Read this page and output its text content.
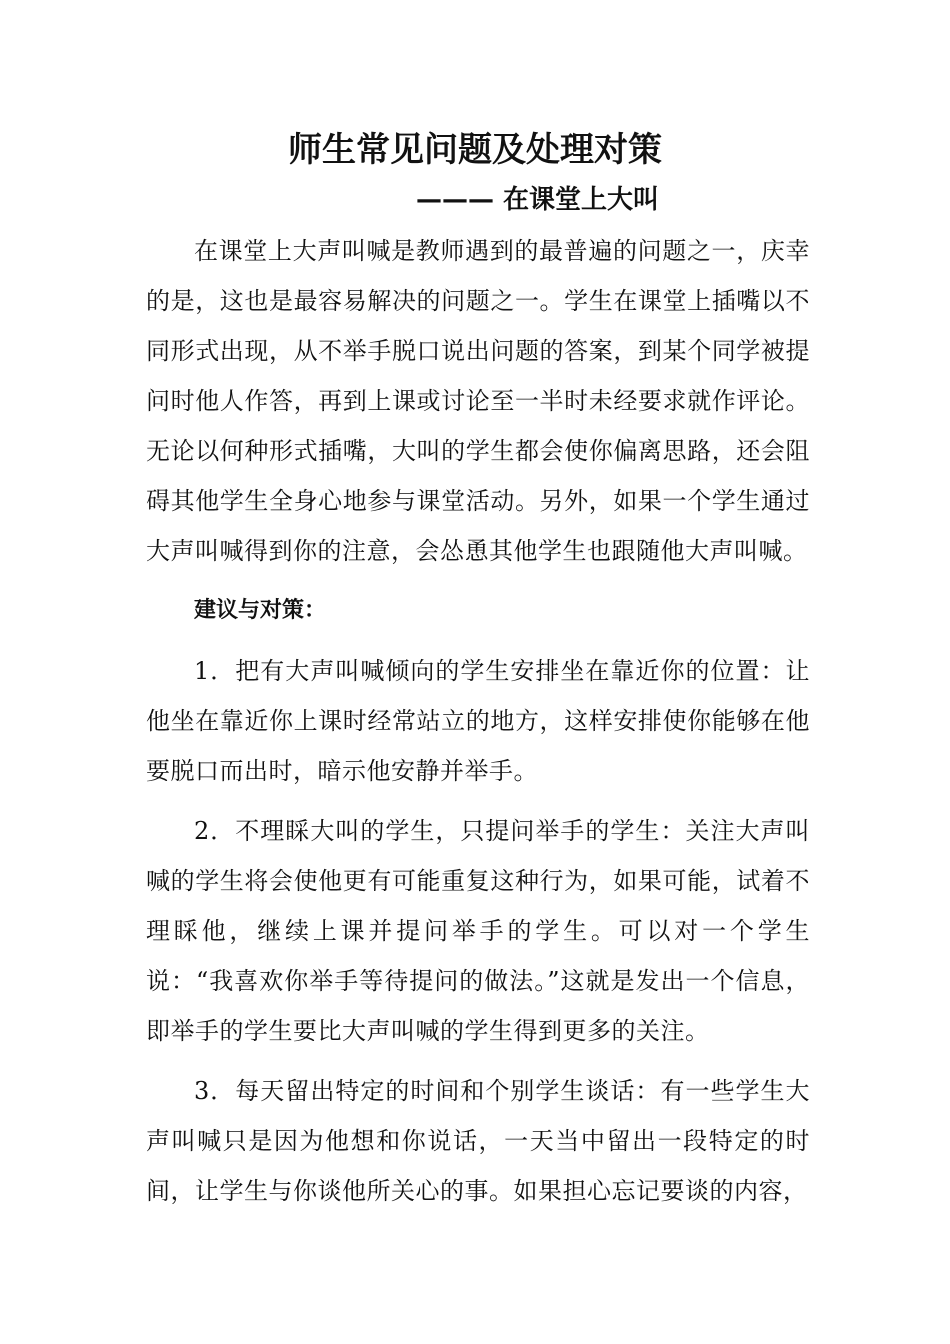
师生常见问题及处理对策
——— 在课堂上大叫

在课堂上大声叫喊是教师遇到的最普遍的问题之一，庆幸的是，这也是最容易解决的问题之一。学生在课堂上插嘴以不同形式出现，从不举手脱口说出问题的答案，到某个同学被提问时他人作答，再到上课或讨论至一半时未经要求就作评论。无论以何种形式插嘴，大叫的学生都会使你偏离思路，还会阻碍其他学生全身心地参与课堂活动。另外，如果一个学生通过大声叫喊得到你的注意，会怂恿其他学生也跟随他大声叫喊。

建议与对策：

1．把有大声叫喊倾向的学生安排坐在靠近你的位置：让他坐在靠近你上课时经常站立的地方，这样安排使你能够在他要脱口而出时，暗示他安静并举手。

2．不理睬大叫的学生，只提问举手的学生：关注大声叫喊的学生将会使他更有可能重复这种行为，如果可能，试着不理睬他，继续上课并提问举手的学生。可以对一个学生说：“我喜欢你举手等待提问的做法。”这就是发出一个信息，即举手的学生要比大声叫喊的学生得到更多的关注。

3．每天留出特定的时间和个别学生谈话：有一些学生大声叫喊只是因为他想和你说话，一天当中留出一段特定的时间，让学生与你谈他所关心的事。如果担心忘记要谈的内容，
